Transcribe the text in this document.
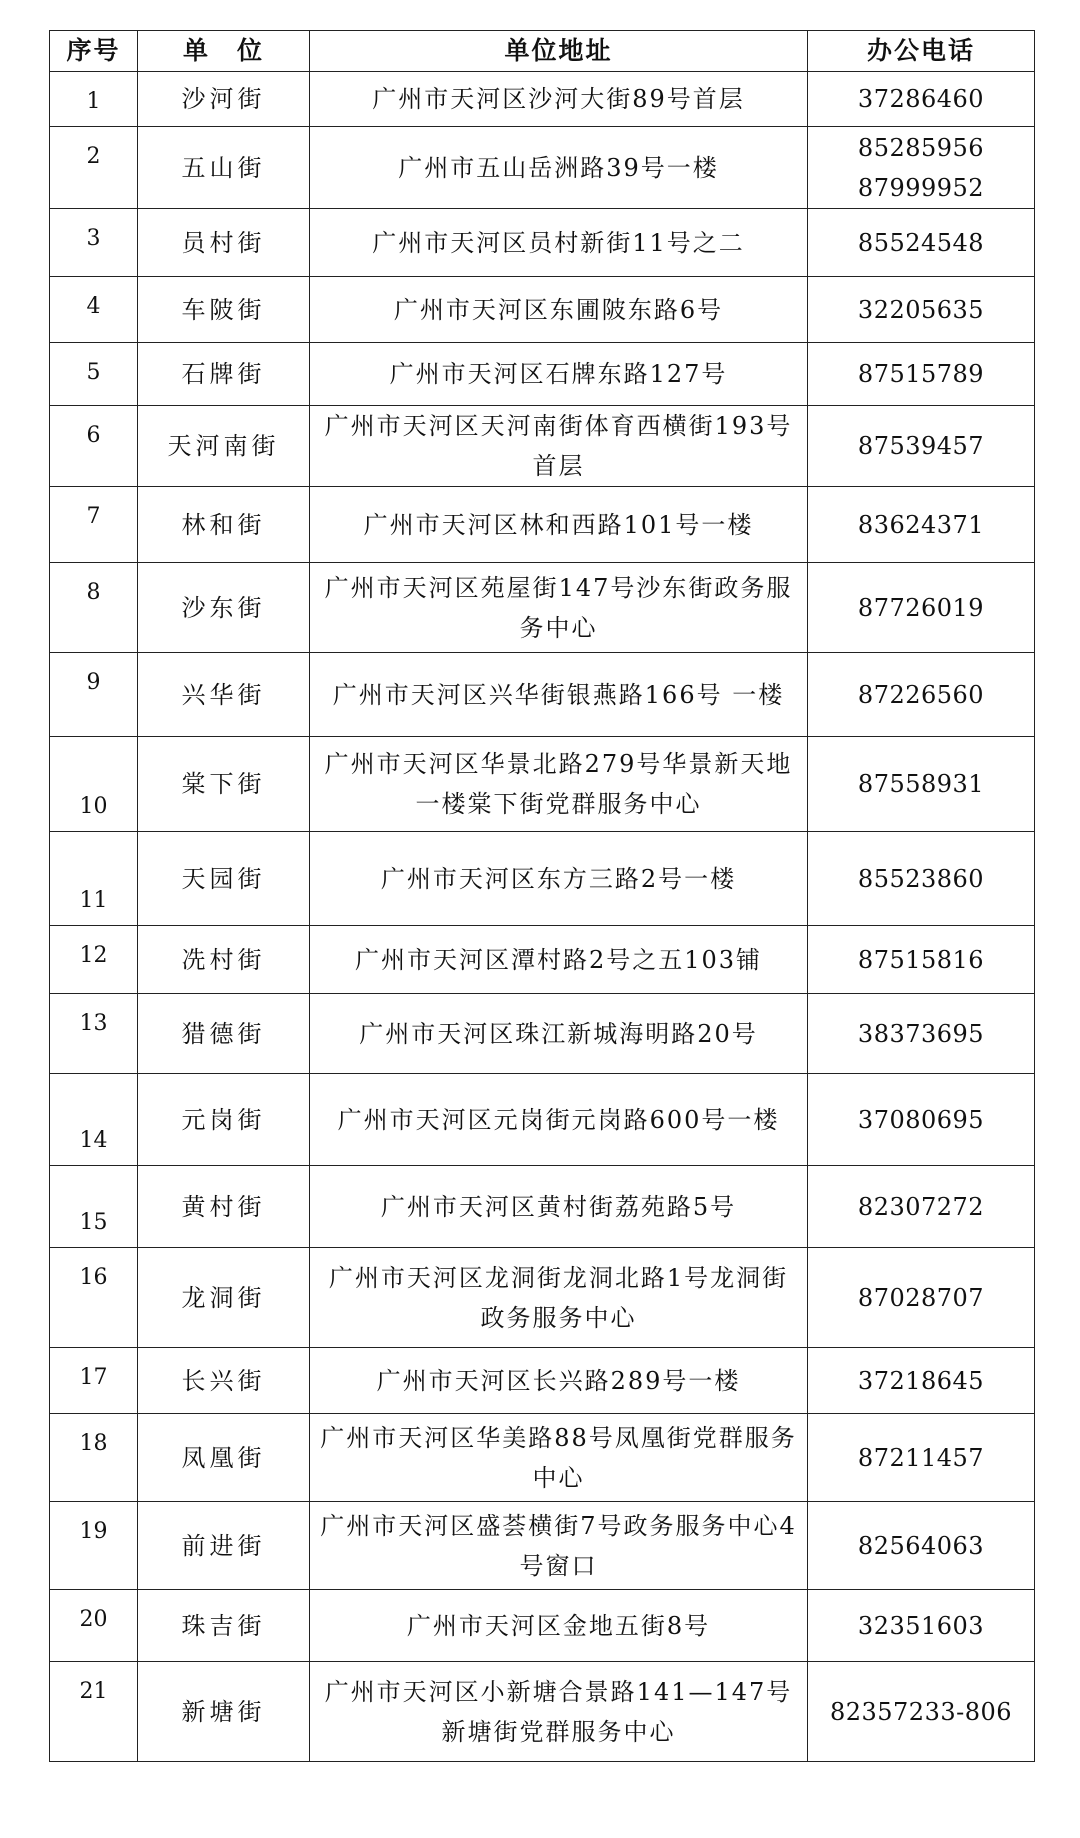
序号	单　位	单位地址	办公电话
1	沙河街	广州市天河区沙河大街89号首层	37286460

2	五山街	广州市五山岳洲路39号一楼	85285956
87999952

3	员村街	广州市天河区员村新街11号之二	85524548

4	车陂街	广州市天河区东圃陂东路6号	32205635

5	石牌街	广州市天河区石牌东路127号	87515789

6	天河南街	广州市天河区天河南街体育西横街193号首层	87539457

7	林和街	广州市天河区林和西路101号一楼	83624371

8	沙东街	广州市天河区苑屋街147号沙东街政务服务中心	87726019

9	兴华街	广州市天河区兴华街银燕路166号 一楼	87226560

10	棠下街	广州市天河区华景北路279号华景新天地一楼棠下街党群服务中心	87558931

11	天园街	广州市天河区东方三路2号一楼	85523860

12	冼村街	广州市天河区潭村路2号之五103铺	87515816

13	猎德街	广州市天河区珠江新城海明路20号	38373695

14	元岗街	广州市天河区元岗街元岗路600号一楼	37080695

15	黄村街	广州市天河区黄村街荔苑路5号	82307272

16	龙洞街	广州市天河区龙洞街龙洞北路1号龙洞街政务服务中心	87028707

17	长兴街	广州市天河区长兴路289号一楼	37218645

18	凤凰街	广州市天河区华美路88号凤凰街党群服务中心	87211457

19	前进街	广州市天河区盛荟横街7号政务服务中心4号窗口	82564063

20	珠吉街	广州市天河区金地五街8号	32351603

21	新塘街	广州市天河区小新塘合景路141—147号新塘街党群服务中心	82357233-806
